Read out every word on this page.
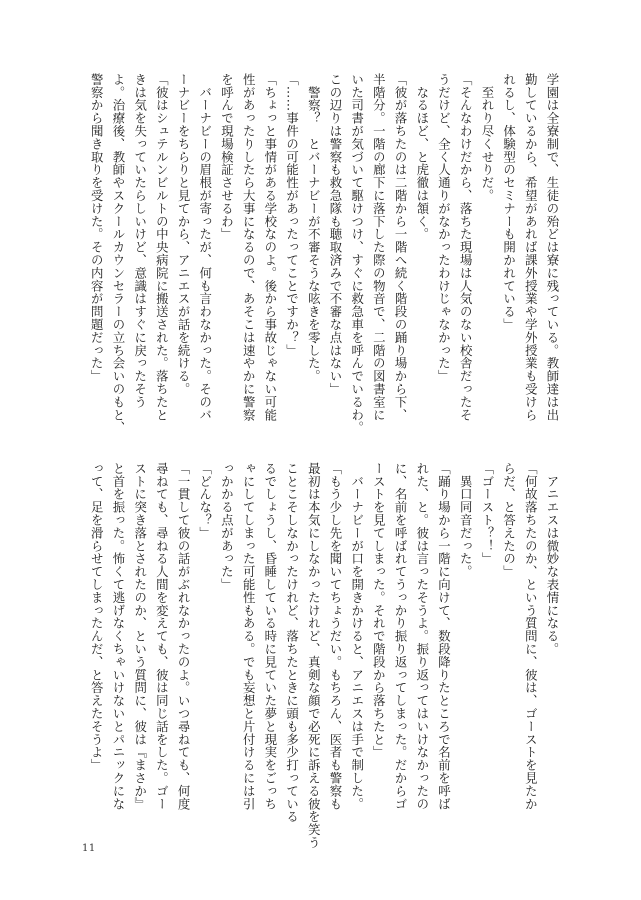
学園は全寮制で、生徒の殆どは寮に残っている。教師達は出
勤しているから、希望があれば課外授業や学外授業も受けら
れるし、体験型のセミナーも開かれている」
　至れり尽くせりだ。
「そんなわけだから、落ちた現場は人気のない校舎だったそ
うだけど、全く人通りがなかったわけじゃなかった」
　なるほど、と虎徹は頷く。
「彼が落ちたのは二階から一階へ続く階段の踊り場から下、
半階分。一階の廊下に落下した際の物音で、二階の図書室に
いた司書が気づいて駆けつけ、すぐに救急車を呼んでいるわ。
この辺りは警察も救急隊も聴取済みで不審な点はない」
　警察？　とバーナビーが不審そうな呟きを零した。
「……事件の可能性があったってことですか？」
「ちょっと事情がある学校なのよ。後から事故じゃない可能
性があったりしたら大事になるので、あそこは速やかに警察
を呼んで現場検証させるわ」
　バーナビーの眉根が寄ったが、何も言わなかった。そのバ
ーナビーをちらりと見てから、アニエスが話を続ける。
「彼はシュテルンビルトの中央病院に搬送された。落ちたと
きは気を失っていたらしいけど、意識はすぐに戻ったそう
よ。治療後、教師やスクールカウンセラーの立ち会いのもと、
警察から聞き取りを受けた。その内容が問題だった」
　アニエスは微妙な表情になる。
「何故落ちたのか、という質問に、彼は、ゴーストを見たか
らだ、と答えたの」
「ゴースト？！」
　異口同音だった。
「踊り場から一階に向けて、数段降りたところで名前を呼ば
れた、と。彼は言ったそうよ。振り返ってはいけなかったの
に、名前を呼ばれてうっかり振り返ってしまった。だからゴ
ーストを見てしまった。それで階段から落ちたと」
　バーナビーが口を開きかけると、アニエスは手で制した。
「もう少し先を聞いてちょうだい。もちろん、医者も警察も
最初は本気にしなかったけれど、真剣な顔で必死に訴える彼を笑う
ことこそしなかったけれど、落ちたときに頭も多少打っている
るでしょうし、昏睡している時に見ていた夢と現実をごっち
ゃにしてしまった可能性もある。でも妄想と片付けるには引
っかかる点があった」
「どんな？」
「一貫して彼の話がぶれなかったのよ。いつ尋ねても、何度
尋ねても、尋ねる人間を変えても、彼は同じ話をした。ゴー
ストに突き落とされたのか、という質問に、彼は『まさか』
と首を振った。怖くて逃げなくちゃいけないとパニックにな
って、足を滑らせてしまったんだ、と答えたそうよ」
11
